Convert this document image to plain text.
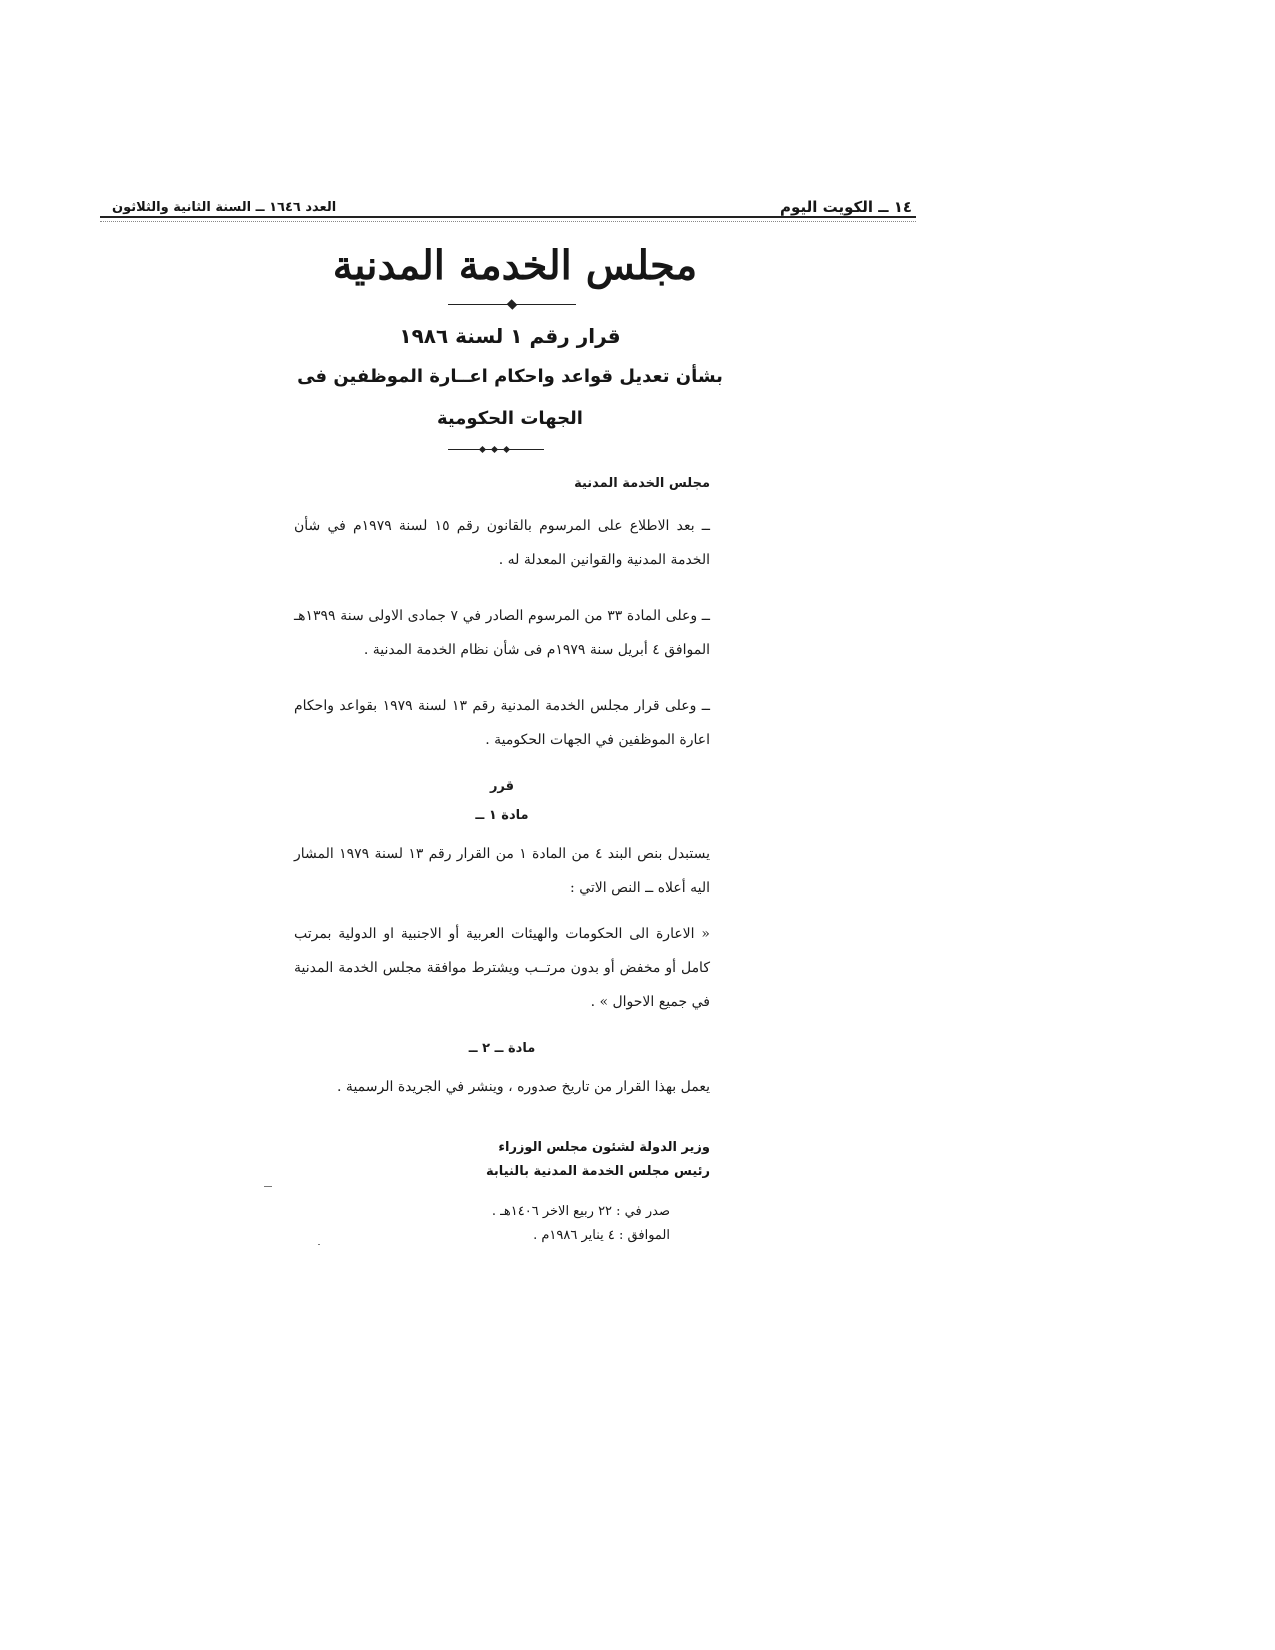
١٤ ــ الكويت اليوم
العدد ١٦٤٦ ــ السنة الثانية والثلاثون
مجلس الخدمة المدنية
قرار رقم ١ لسنة ١٩٨٦
بشأن تعديل قواعد واحكام اعــارة الموظفين فى
الجهات الحكومية
مجلس الخدمة المدنية

ــ بعد الاطلاع على المرسوم بالقانون رقم ١٥ لسنة ١٩٧٩م في شأن الخدمة المدنية والقوانين المعدلة له .

ــ وعلى المادة ٣٣ من المرسوم الصادر في ٧ جمادى الاولى سنة ١٣٩٩هـ الموافق ٤ أبريل سنة ١٩٧٩م فى شأن نظام الخدمة المدنية .

ــ وعلى قرار مجلس الخدمة المدنية رقم ١٣ لسنة ١٩٧٩ بقواعد واحكام اعارة الموظفين في الجهات الحكومية .

قرر
مادة ١ ــ

يستبدل بنص البند ٤ من المادة ١ من القرار رقم ١٣ لسنة ١٩٧٩ المشار اليه أعلاه ــ النص الاتي :

« الاعارة الى الحكومات والهيئات العربية أو الاجنبية او الدولية بمرتب كامل أو مخفض أو بدون مرتــب ويشترط موافقة مجلس الخدمة المدنية في جميع الاحوال » .

مادة ــ ٢ ــ

يعمل بهذا القرار من تاريخ صدوره ، وينشر في الجريدة الرسمية .

وزير الدولة لشئون مجلس الوزراء
رئيس مجلس الخدمة المدنية بالنيابة
صدر في : ٢٢ ربيع الاخر ١٤٠٦هـ .
الموافق : ٤ يناير ١٩٨٦م .
